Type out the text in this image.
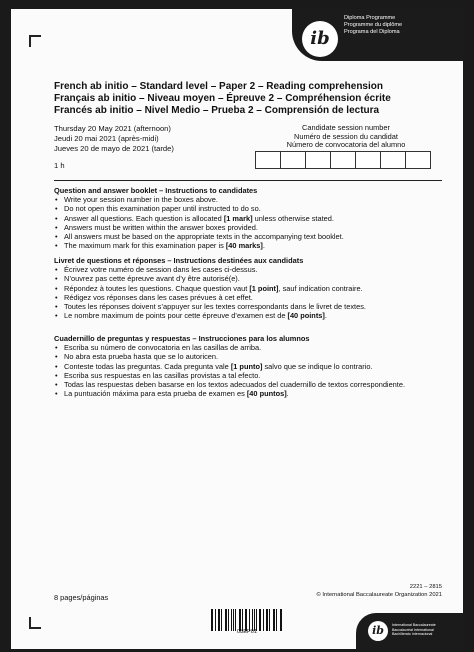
ib
Diploma Programme
Programme du diplôme
Programa del Diploma
French ab initio – Standard level – Paper 2 – Reading comprehension
Français ab initio – Niveau moyen – Épreuve 2 – Compréhension écrite
Francés ab initio – Nivel Medio – Prueba 2 – Comprensión de lectura
Thursday 20 May 2021 (afternoon)
Jeudi 20 mai 2021 (après-midi)
Jueves 20 de mayo de 2021 (tarde)
1 h
Candidate session number
Numéro de session du candidat
Número de convocatoria del alumno
Question and answer booklet – Instructions to candidates
• Write your session number in the boxes above.
• Do not open this examination paper until instructed to do so.
• Answer all questions. Each question is allocated [1 mark] unless otherwise stated.
• Answers must be written within the answer boxes provided.
• All answers must be based on the appropriate texts in the accompanying text booklet.
• The maximum mark for this examination paper is [40 marks].
Livret de questions et réponses – Instructions destinées aux candidats
• Écrivez votre numéro de session dans les cases ci-dessus.
• N’ouvrez pas cette épreuve avant d’y être autorisé(e).
• Répondez à toutes les questions. Chaque question vaut [1 point], sauf indication contraire.
• Rédigez vos réponses dans les cases prévues à cet effet.
• Toutes les réponses doivent s’appuyer sur les textes correspondants dans le livret de textes.
• Le nombre maximum de points pour cette épreuve d’examen est de [40 points].
Cuadernillo de preguntas y respuestas – Instrucciones para los alumnos
• Escriba su número de convocatoria en las casillas de arriba.
• No abra esta prueba hasta que se lo autoricen.
• Conteste todas las preguntas. Cada pregunta vale [1 punto] salvo que se indique lo contrario.
• Escriba sus respuestas en las casillas provistas a tal efecto.
• Todas las respuestas deben basarse en los textos adecuados del cuadernillo de textos correspondiente.
• La puntuación máxima para esta prueba de examen es [40 puntos].
2221 – 2815
© International Baccalaureate Organization 2021
8 pages/páginas
08EP01	ib	International Baccalaureate
Baccalauréat International
Bachillerato Internacional
